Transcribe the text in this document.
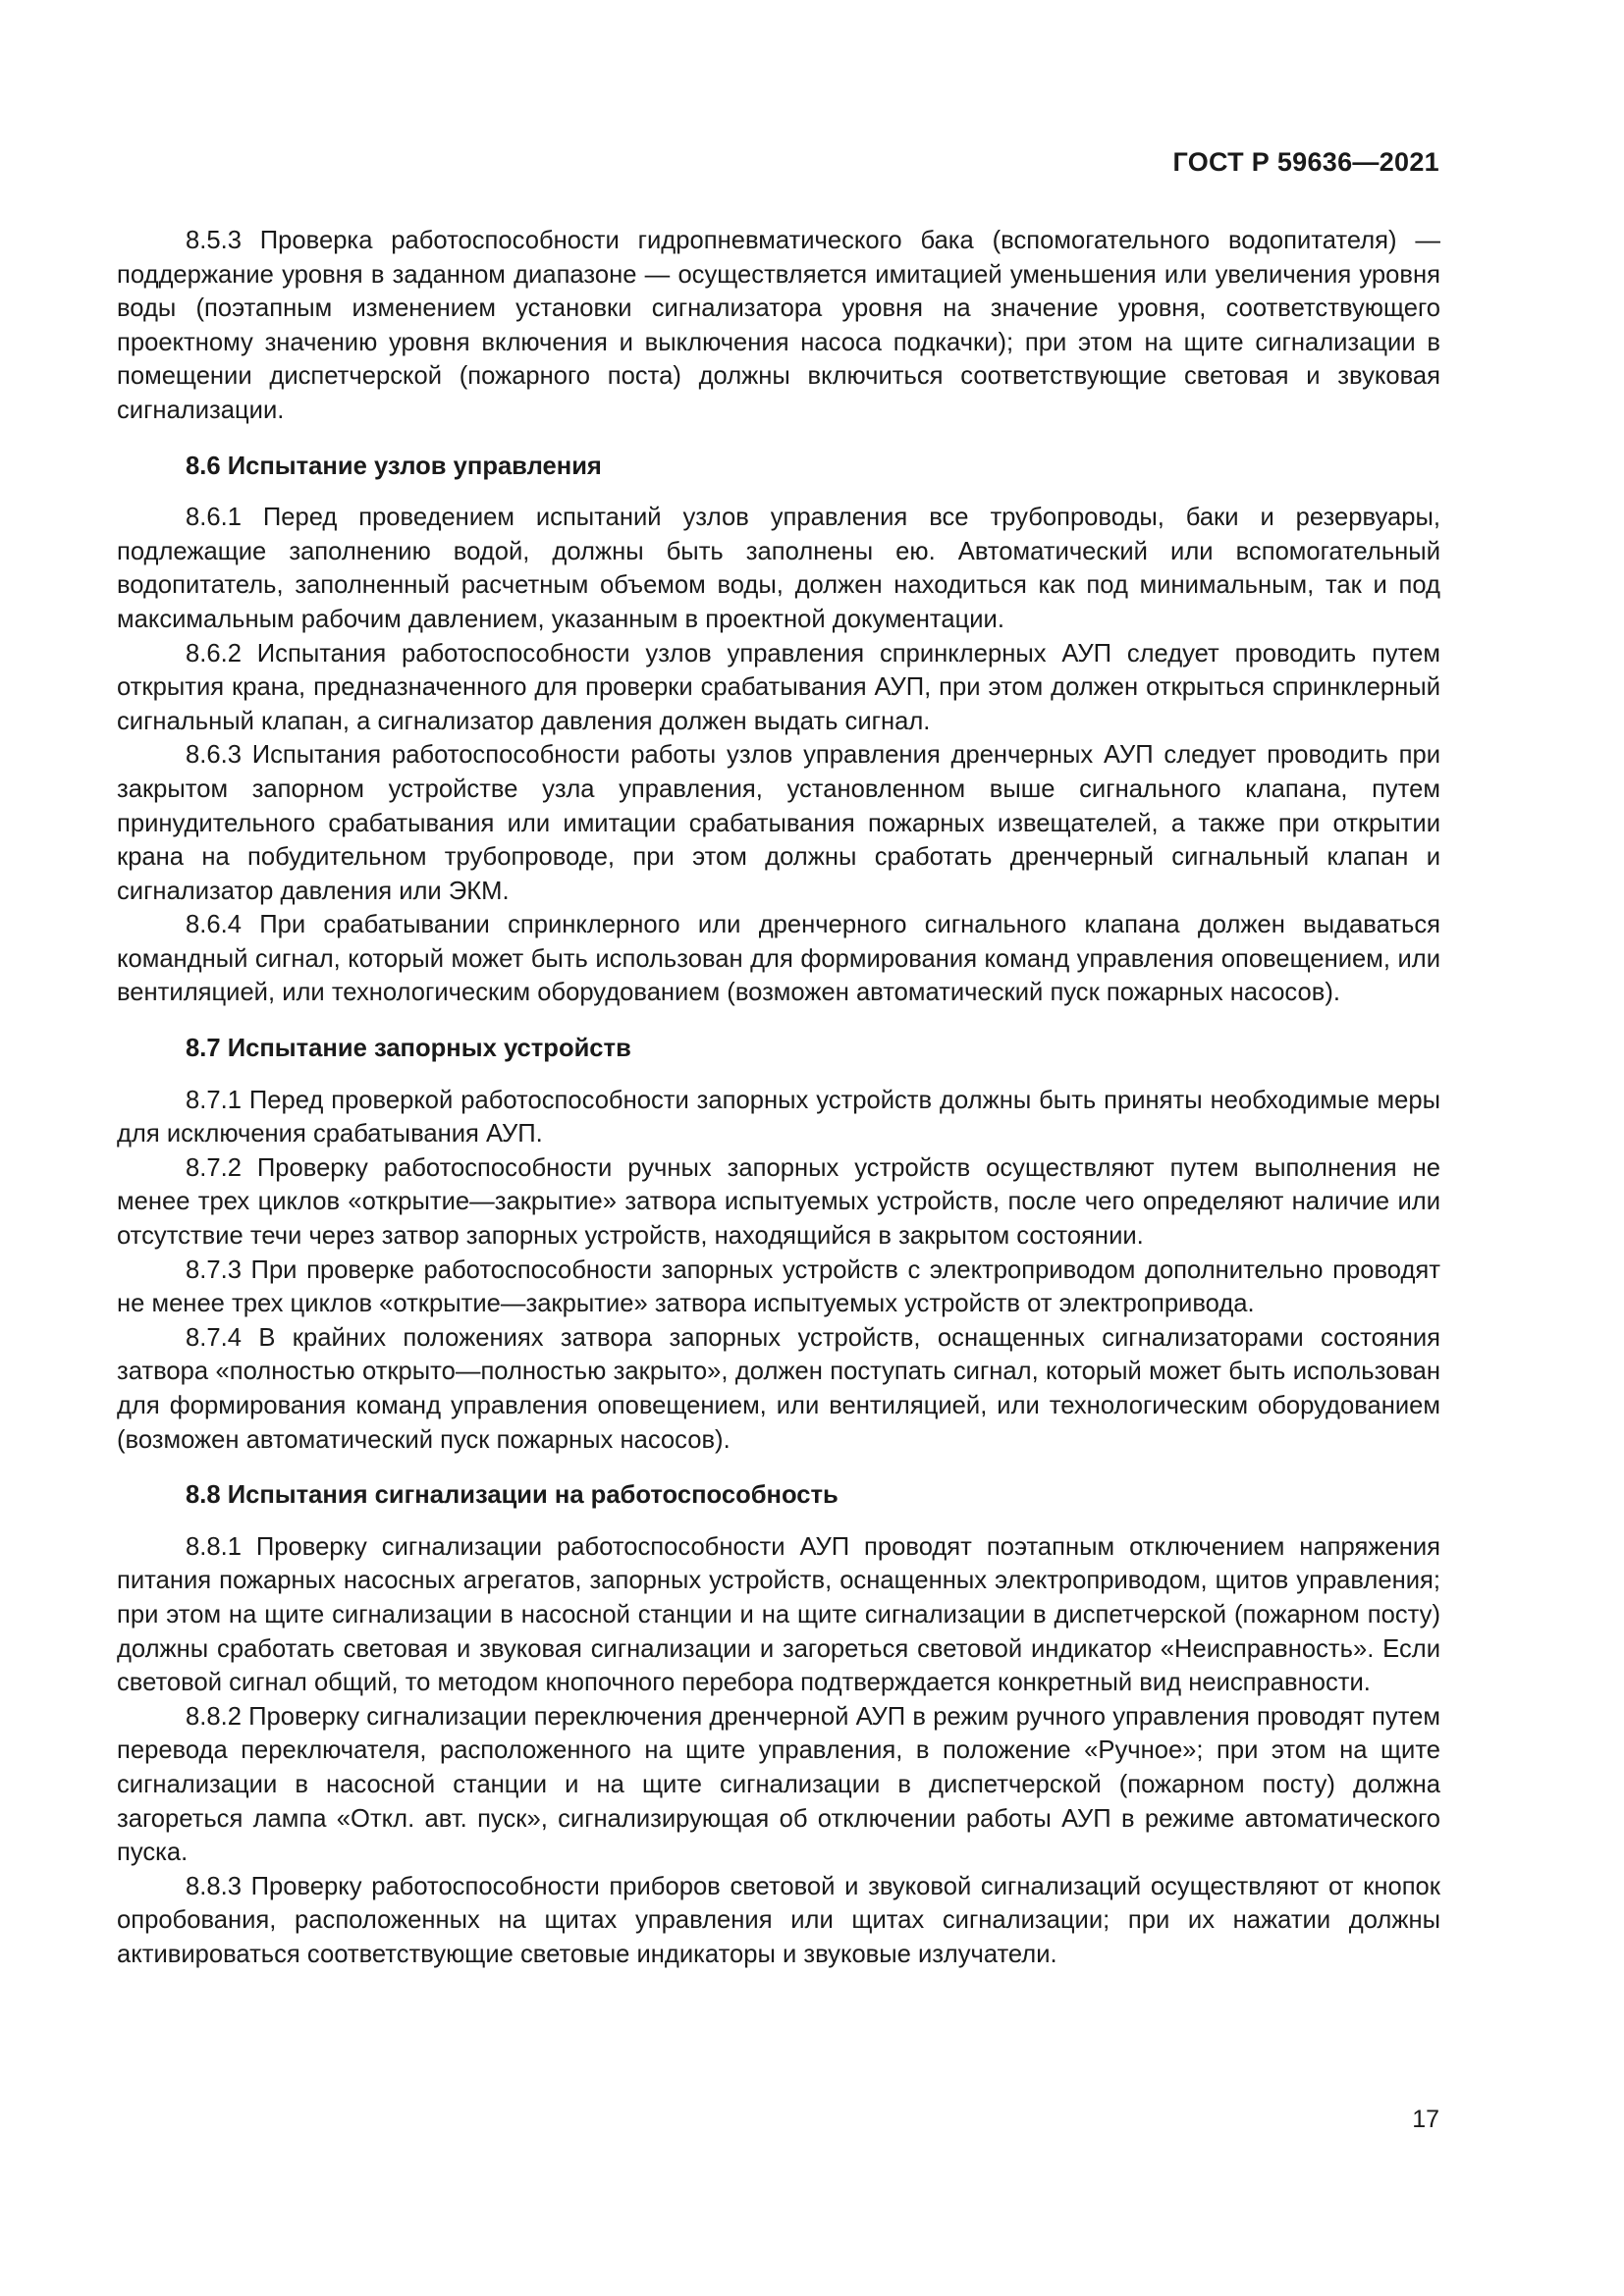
ГОСТ Р 59636—2021

8.5.3 Проверка работоспособности гидропневматического бака (вспомогательного водопитателя) — поддержание уровня в заданном диапазоне — осуществляется имитацией уменьшения или увеличения уровня воды (поэтапным изменением установки сигнализатора уровня на значение уровня, соответствующего проектному значению уровня включения и выключения насоса подкачки); при этом на щите сигнализации в помещении диспетчерской (пожарного поста) должны включиться соответствующие световая и звуковая сигнализации.

8.6 Испытание узлов управления

8.6.1 Перед проведением испытаний узлов управления все трубопроводы, баки и резервуары, подлежащие заполнению водой, должны быть заполнены ею. Автоматический или вспомогательный водопитатель, заполненный расчетным объемом воды, должен находиться как под минимальным, так и под максимальным рабочим давлением, указанным в проектной документации.

8.6.2 Испытания работоспособности узлов управления спринклерных АУП следует проводить путем открытия крана, предназначенного для проверки срабатывания АУП, при этом должен открыться спринклерный сигнальный клапан, а сигнализатор давления должен выдать сигнал.

8.6.3 Испытания работоспособности работы узлов управления дренчерных АУП следует проводить при закрытом запорном устройстве узла управления, установленном выше сигнального клапана, путем принудительного срабатывания или имитации срабатывания пожарных извещателей, а также при открытии крана на побудительном трубопроводе, при этом должны сработать дренчерный сигнальный клапан и сигнализатор давления или ЭКМ.

8.6.4 При срабатывании спринклерного или дренчерного сигнального клапана должен выдаваться командный сигнал, который может быть использован для формирования команд управления оповещением, или вентиляцией, или технологическим оборудованием (возможен автоматический пуск пожарных насосов).

8.7 Испытание запорных устройств

8.7.1 Перед проверкой работоспособности запорных устройств должны быть приняты необходимые меры для исключения срабатывания АУП.

8.7.2 Проверку работоспособности ручных запорных устройств осуществляют путем выполнения не менее трех циклов «открытие—закрытие» затвора испытуемых устройств, после чего определяют наличие или отсутствие течи через затвор запорных устройств, находящийся в закрытом состоянии.

8.7.3 При проверке работоспособности запорных устройств с электроприводом дополнительно проводят не менее трех циклов «открытие—закрытие» затвора испытуемых устройств от электропривода.

8.7.4 В крайних положениях затвора запорных устройств, оснащенных сигнализаторами состояния затвора «полностью открыто—полностью закрыто», должен поступать сигнал, который может быть использован для формирования команд управления оповещением, или вентиляцией, или технологическим оборудованием (возможен автоматический пуск пожарных насосов).

8.8 Испытания сигнализации на работоспособность

8.8.1 Проверку сигнализации работоспособности АУП проводят поэтапным отключением напряжения питания пожарных насосных агрегатов, запорных устройств, оснащенных электроприводом, щитов управления; при этом на щите сигнализации в насосной станции и на щите сигнализации в диспетчерской (пожарном посту) должны сработать световая и звуковая сигнализации и загореться световой индикатор «Неисправность». Если световой сигнал общий, то методом кнопочного перебора подтверждается конкретный вид неисправности.

8.8.2 Проверку сигнализации переключения дренчерной АУП в режим ручного управления проводят путем перевода переключателя, расположенного на щите управления, в положение «Ручное»; при этом на щите сигнализации в насосной станции и на щите сигнализации в диспетчерской (пожарном посту) должна загореться лампа «Откл. авт. пуск», сигнализирующая об отключении работы АУП в режиме автоматического пуска.

8.8.3 Проверку работоспособности приборов световой и звуковой сигнализаций осуществляют от кнопок опробования, расположенных на щитах управления или щитах сигнализации; при их нажатии должны активироваться соответствующие световые индикаторы и звуковые излучатели.

17
